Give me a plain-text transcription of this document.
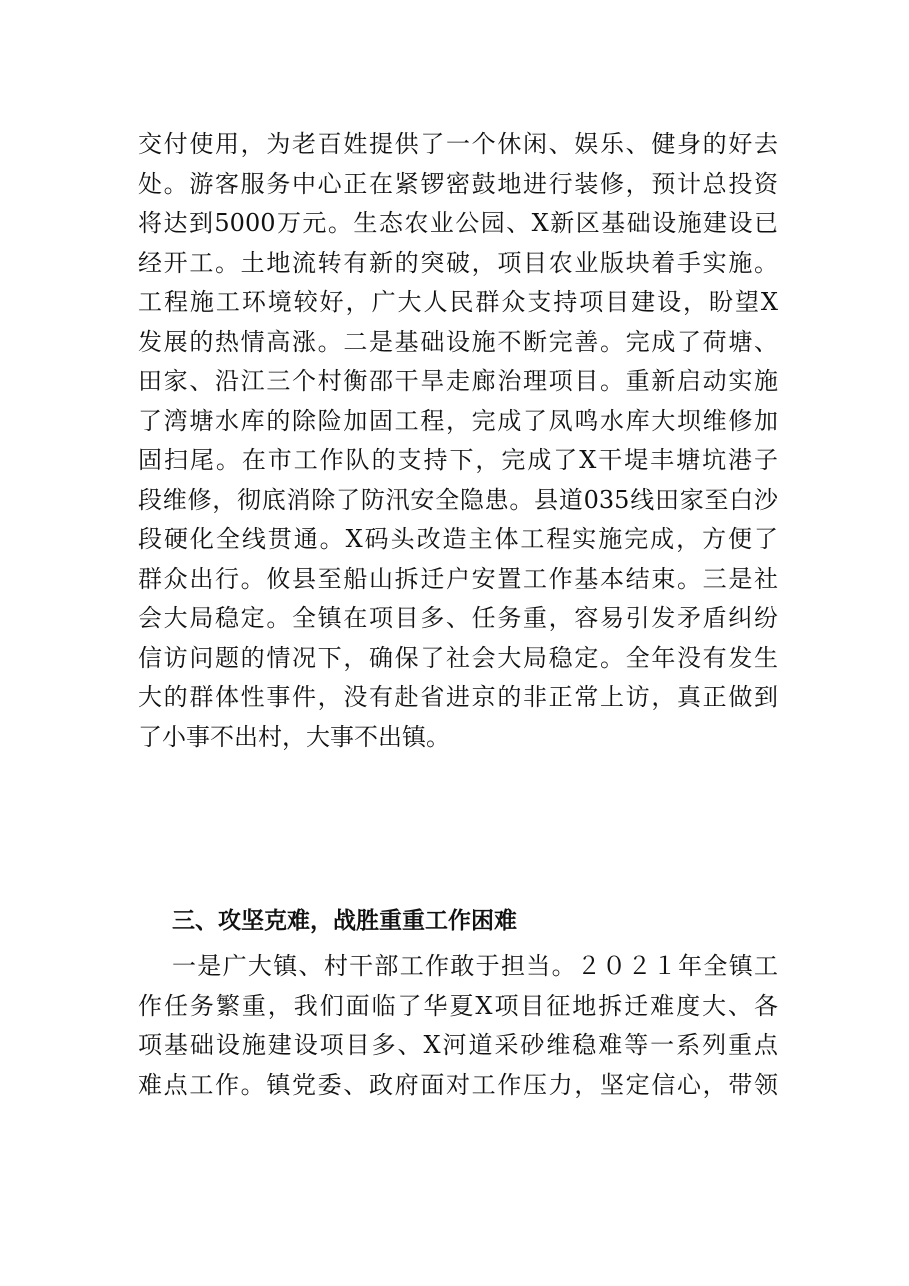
交付使用，为老百姓提供了一个休闲、娱乐、健身的好去
处。游客服务中心正在紧锣密鼓地进行装修，预计总投资
将达到5000万元。生态农业公园、X新区基础设施建设已
经开工。土地流转有新的突破，项目农业版块着手实施。
工程施工环境较好，广大人民群众支持项目建设，盼望X
发展的热情高涨。二是基础设施不断完善。完成了荷塘、
田家、沿江三个村衡邵干旱走廊治理项目。重新启动实施
了湾塘水库的除险加固工程，完成了凤鸣水库大坝维修加
固扫尾。在市工作队的支持下，完成了X干堤丰塘坑港子
段维修，彻底消除了防汛安全隐患。县道035线田家至白沙
段硬化全线贯通。X码头改造主体工程实施完成，方便了
群众出行。攸县至船山拆迁户安置工作基本结束。三是社
会大局稳定。全镇在项目多、任务重，容易引发矛盾纠纷
信访问题的情况下，确保了社会大局稳定。全年没有发生
大的群体性事件，没有赴省进京的非正常上访，真正做到
了小事不出村，大事不出镇。
三、攻坚克难，战胜重重工作困难
一是广大镇、村干部工作敢于担当。２０２１年全镇工
作任务繁重，我们面临了华夏X项目征地拆迁难度大、各
项基础设施建设项目多、X河道采砂维稳难等一系列重点
难点工作。镇党委、政府面对工作压力，坚定信心，带领
